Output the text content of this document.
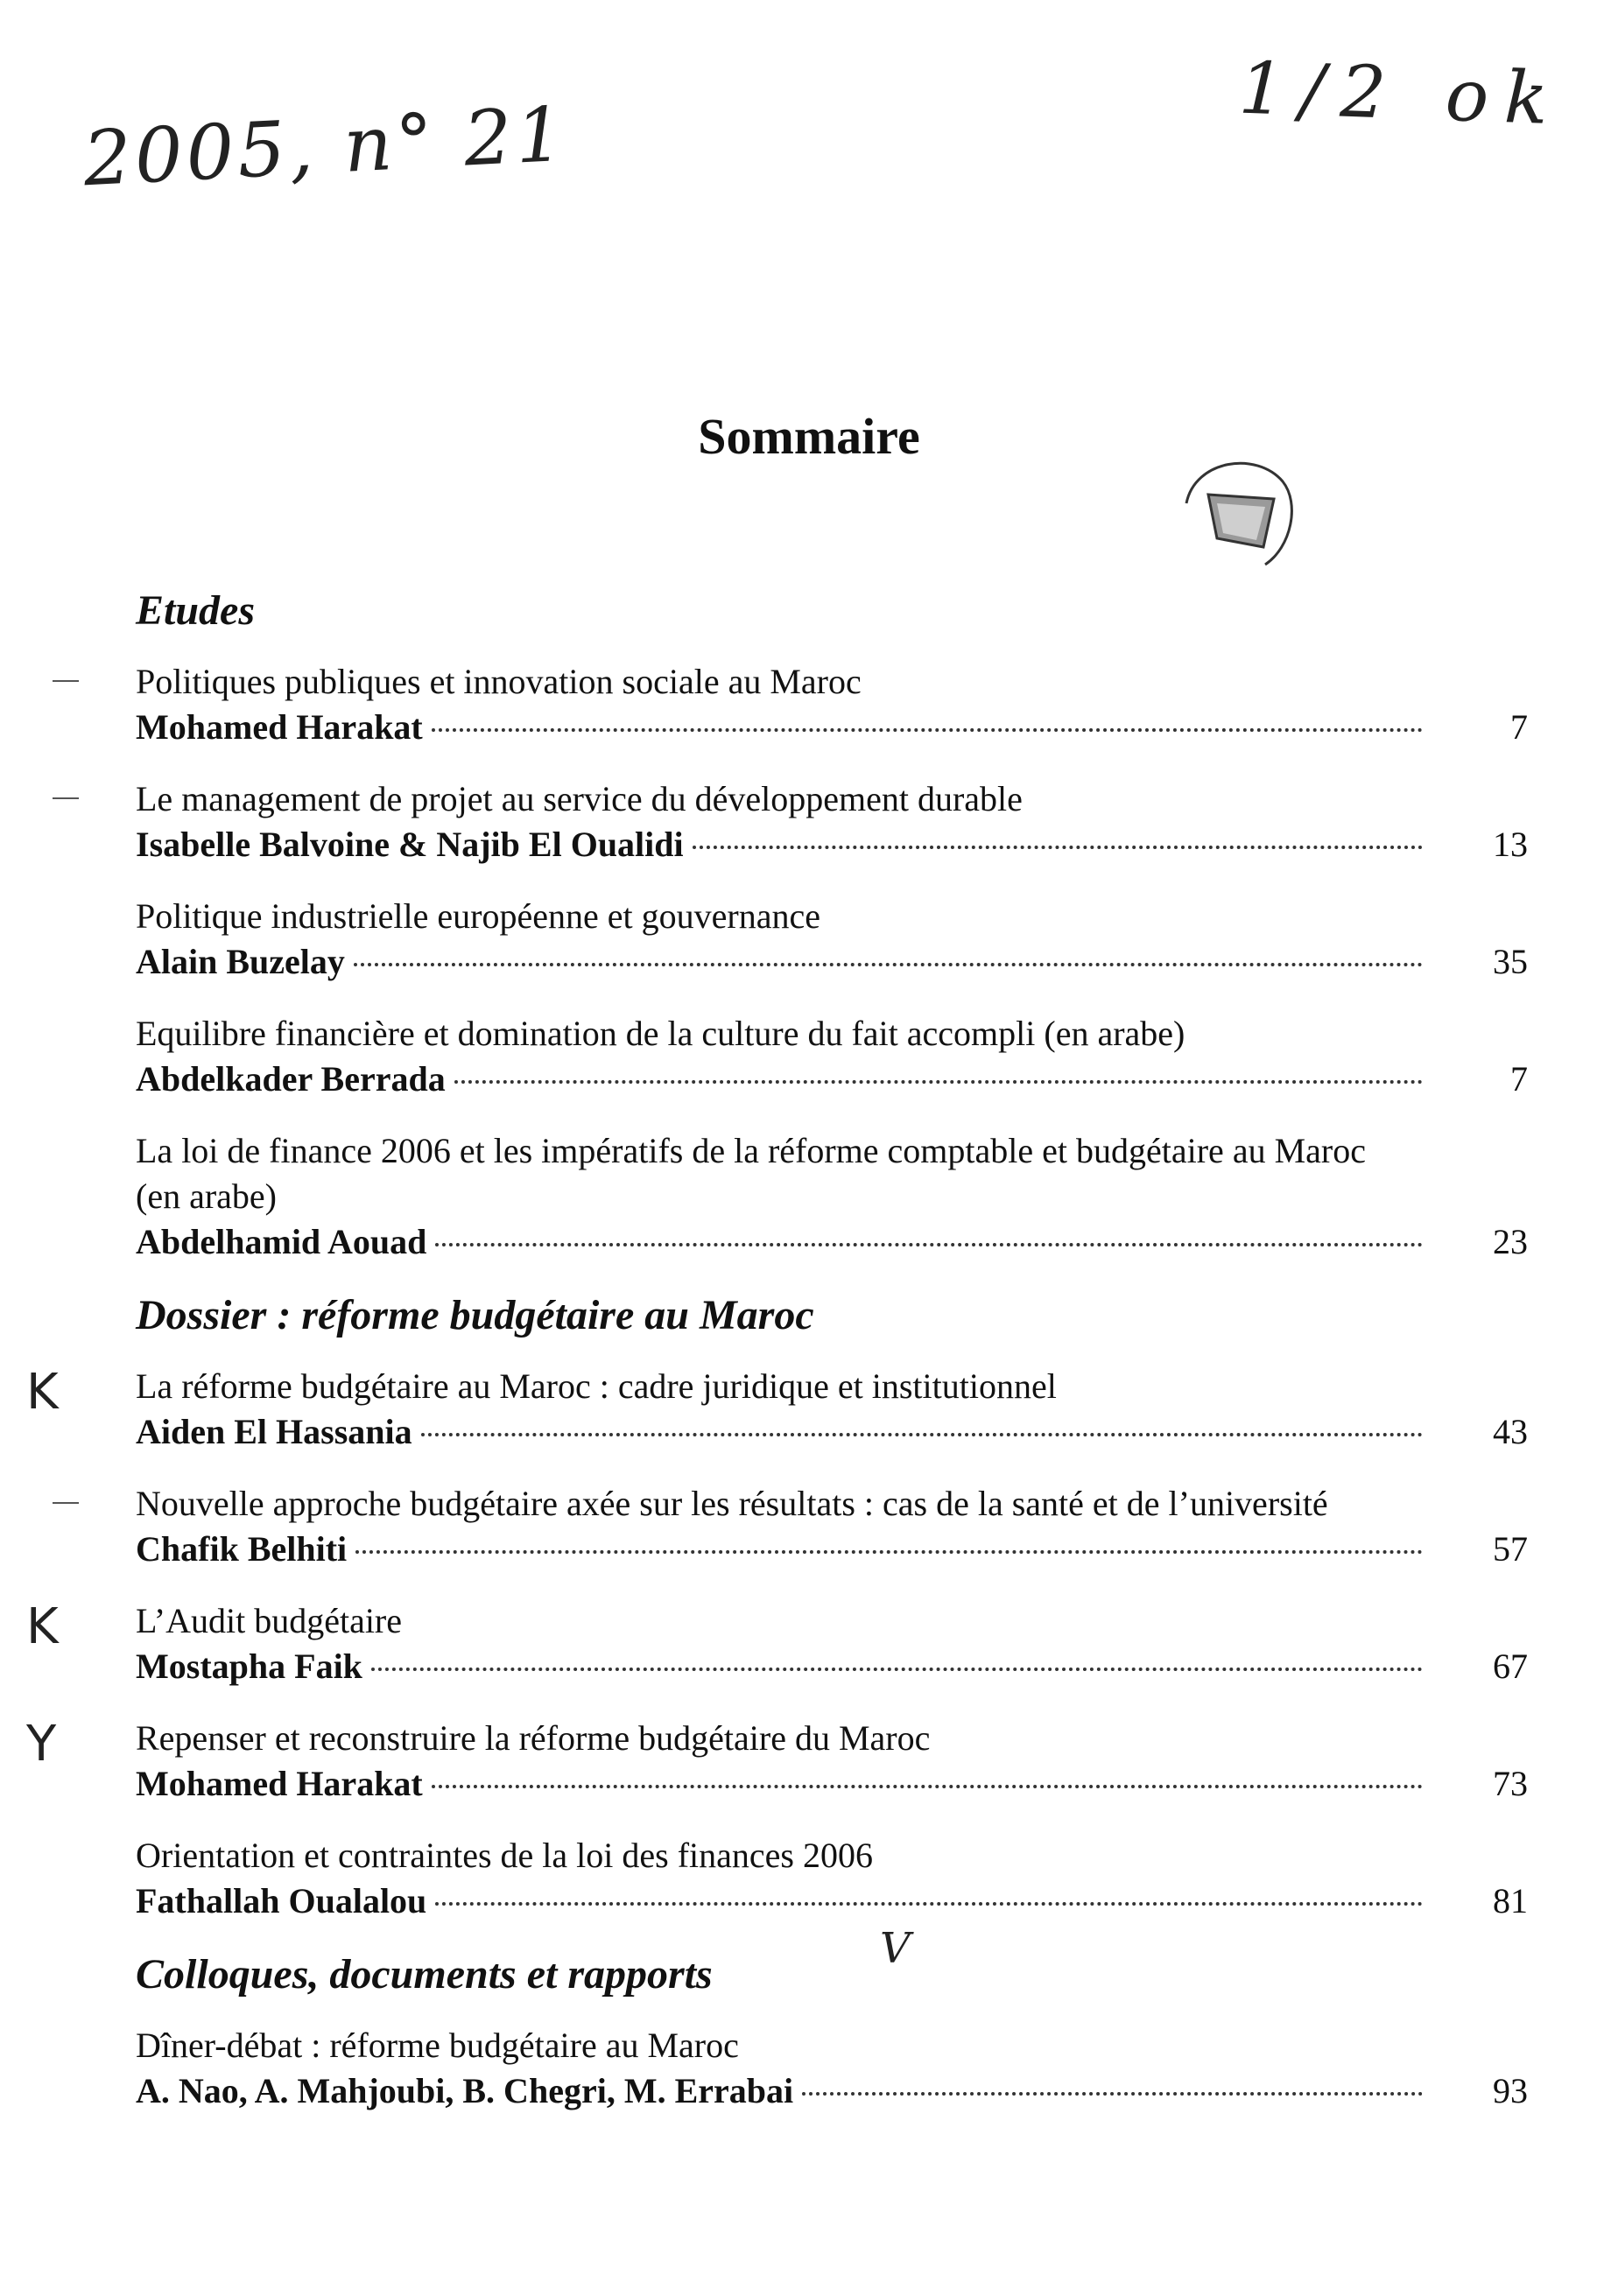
2005, n° 21	1/2 ok
Sommaire
Etudes
Politiques publiques et innovation sociale au Maroc
Mohamed Harakat	7
Le management de projet au service du développement durable
Isabelle Balvoine & Najib El Oualidi	13
Politique industrielle européenne et gouvernance
Alain Buzelay	35
Equilibre financière et domination de la culture du fait accompli (en arabe)
Abdelkader Berrada	7
La loi de finance 2006 et les impératifs de la réforme comptable et budgétaire au Maroc (en arabe)
Abdelhamid Aouad	23
Dossier : réforme budgétaire au Maroc
K La réforme budgétaire au Maroc : cadre juridique et institutionnel
Aiden El Hassania	43
Nouvelle approche budgétaire axée sur les résultats : cas de la santé et de l’université
Chafik Belhiti	57
K L’Audit budgétaire
Mostapha Faik	67
Y Repenser et reconstruire la réforme budgétaire du Maroc
Mohamed Harakat	73
Orientation et contraintes de la loi des finances 2006
Fathallah Oualalou	81
V
Colloques, documents et rapports
Dîner-débat : réforme budgétaire au Maroc
A. Nao, A. Mahjoubi, B. Chegri, M. Errabai	93
